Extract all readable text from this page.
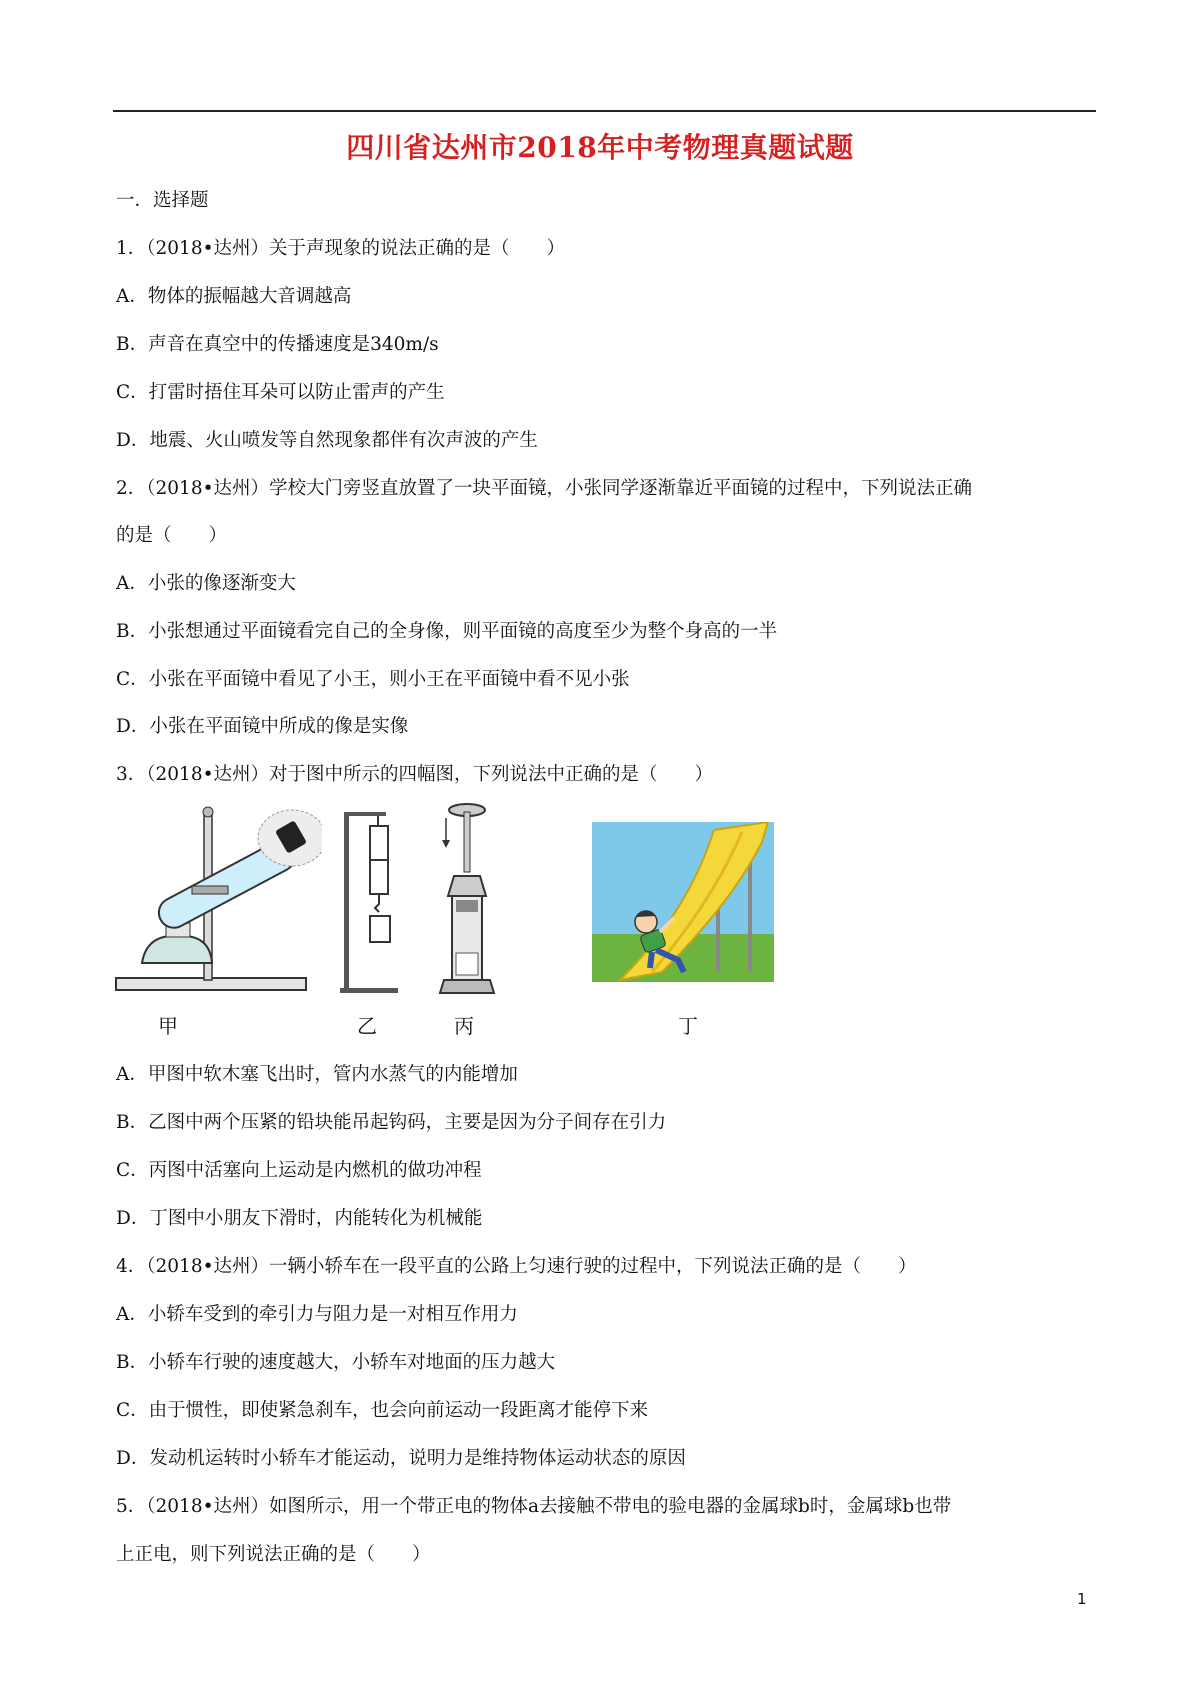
四川省达州市2018年中考物理真题试题
一．选择题
1．（2018•达州）关于声现象的说法正确的是（　　）
A．物体的振幅越大音调越高
B．声音在真空中的传播速度是340m/s
C．打雷时捂住耳朵可以防止雷声的产生
D．地震、火山喷发等自然现象都伴有次声波的产生
2．（2018•达州）学校大门旁竖直放置了一块平面镜，小张同学逐渐靠近平面镜的过程中，下列说法正确
的是（　　）
A．小张的像逐渐变大
B．小张想通过平面镜看完自己的全身像，则平面镜的高度至少为整个身高的一半
C．小张在平面镜中看见了小王，则小王在平面镜中看不见小张
D．小张在平面镜中所成的像是实像
3．（2018•达州）对于图中所示的四幅图，下列说法中正确的是（　　）
甲	乙	丙	丁
A．甲图中软木塞飞出时，管内水蒸气的内能增加
B．乙图中两个压紧的铅块能吊起钩码，主要是因为分子间存在引力
C．丙图中活塞向上运动是内燃机的做功冲程
D．丁图中小朋友下滑时，内能转化为机械能
4．（2018•达州）一辆小轿车在一段平直的公路上匀速行驶的过程中，下列说法正确的是（　　）
A．小轿车受到的牵引力与阻力是一对相互作用力
B．小轿车行驶的速度越大，小轿车对地面的压力越大
C．由于惯性，即使紧急刹车，也会向前运动一段距离才能停下来
D．发动机运转时小轿车才能运动，说明力是维持物体运动状态的原因
5．（2018•达州）如图所示，用一个带正电的物体a去接触不带电的验电器的金属球b时，金属球b也带
上正电，则下列说法正确的是（　　）
1
